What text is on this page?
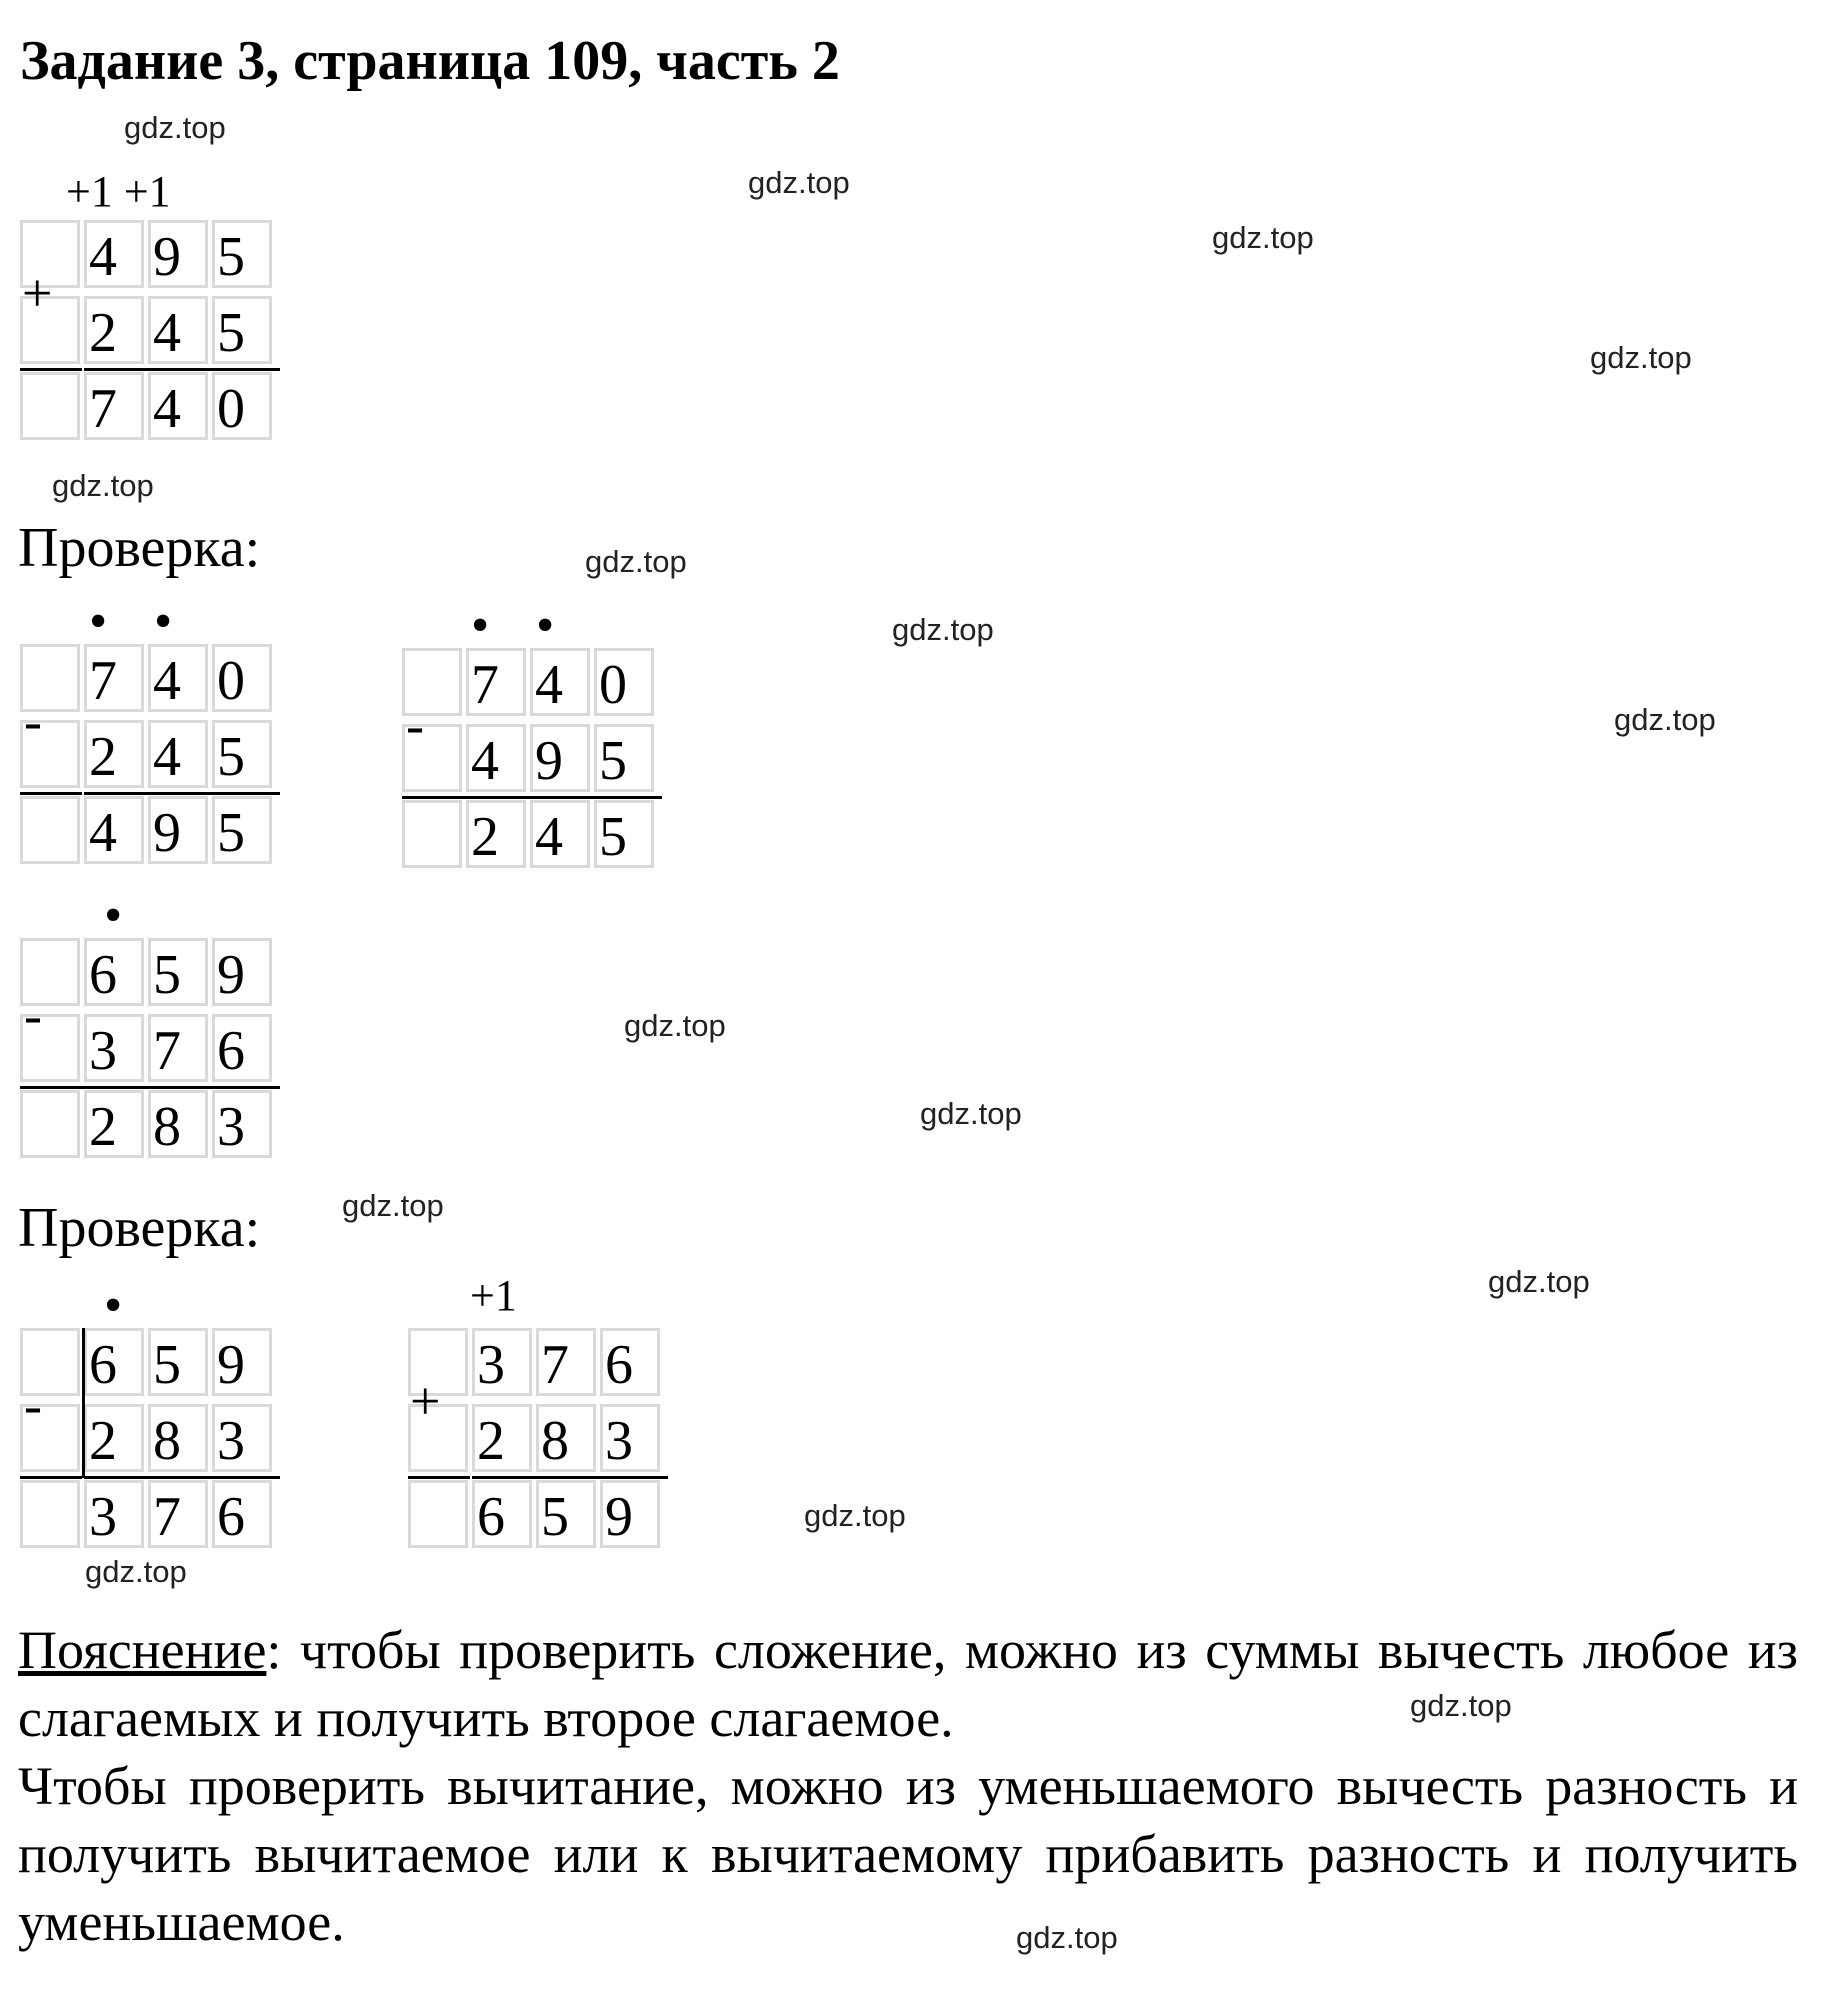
Задание 3, страница 109, часть 2
gdz.top
gdz.top
gdz.top
gdz.top
gdz.top
gdz.top
gdz.top
gdz.top
gdz.top
gdz.top
gdz.top
gdz.top
gdz.top
gdz.top
gdz.top
gdz.top
+1 +1
4 9 5
2 4 5
7 4 0
+
Проверка:
• •
7 4 0
2 4 5
4 9 5
-
• •
7 4 0
4 9 5
2 4 5
-
•
6 5 9
3 7 6
2 8 3
-
Проверка:
•
6 5 9
2 8 3
3 7 6
-
+1
3 7 6
2 8 3
6 5 9
+
Пояснение: чтобы проверить сложение, можно из суммы вычесть любое из слагаемых и получить второе слагаемое.
Чтобы проверить вычитание, можно из уменьшаемого вычесть разность и получить вычитаемое или к вычитаемому прибавить разность и получить уменьшаемое.
